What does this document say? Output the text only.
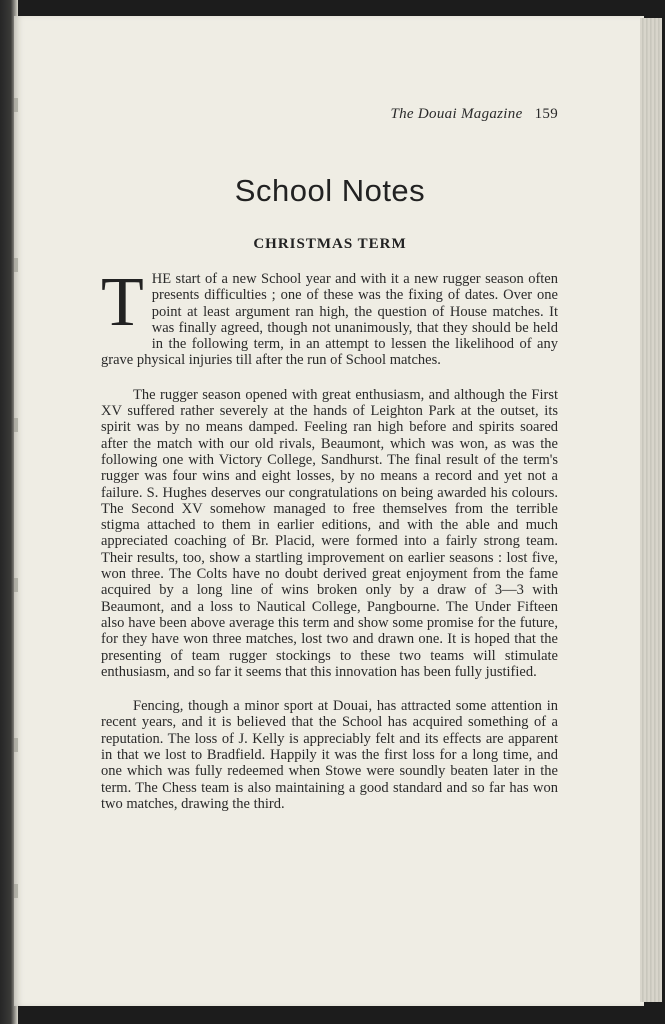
The Douai Magazine 159
School Notes
CHRISTMAS TERM

THE start of a new School year and with it a new rugger season often presents difficulties ; one of these was the fixing of dates. Over one point at least argument ran high, the question of House matches. It was finally agreed, though not unanimously, that they should be held in the following term, in an attempt to lessen the likelihood of any grave physical injuries till after the run of School matches.

The rugger season opened with great enthusiasm, and although the First XV suffered rather severely at the hands of Leighton Park at the outset, its spirit was by no means damped. Feeling ran high before and spirits soared after the match with our old rivals, Beaumont, which was won, as was the following one with Victory College, Sandhurst. The final result of the term's rugger was four wins and eight losses, by no means a record and yet not a failure. S. Hughes deserves our congratulations on being awarded his colours. The Second XV somehow managed to free themselves from the terrible stigma attached to them in earlier editions, and with the able and much appreciated coaching of Br. Placid, were formed into a fairly strong team. Their results, too, show a startling improvement on earlier seasons : lost five, won three. The Colts have no doubt derived great enjoyment from the fame acquired by a long line of wins broken only by a draw of 3—3 with Beaumont, and a loss to Nautical College, Pangbourne. The Under Fifteen also have been above average this term and show some promise for the future, for they have won three matches, lost two and drawn one. It is hoped that the presenting of team rugger stockings to these two teams will stimulate enthusiasm, and so far it seems that this innovation has been fully justified.

Fencing, though a minor sport at Douai, has attracted some attention in recent years, and it is believed that the School has acquired something of a reputation. The loss of J. Kelly is appreciably felt and its effects are apparent in that we lost to Bradfield. Happily it was the first loss for a long time, and one which was fully redeemed when Stowe were soundly beaten later in the term. The Chess team is also maintaining a good standard and so far has won two matches, drawing the third.
